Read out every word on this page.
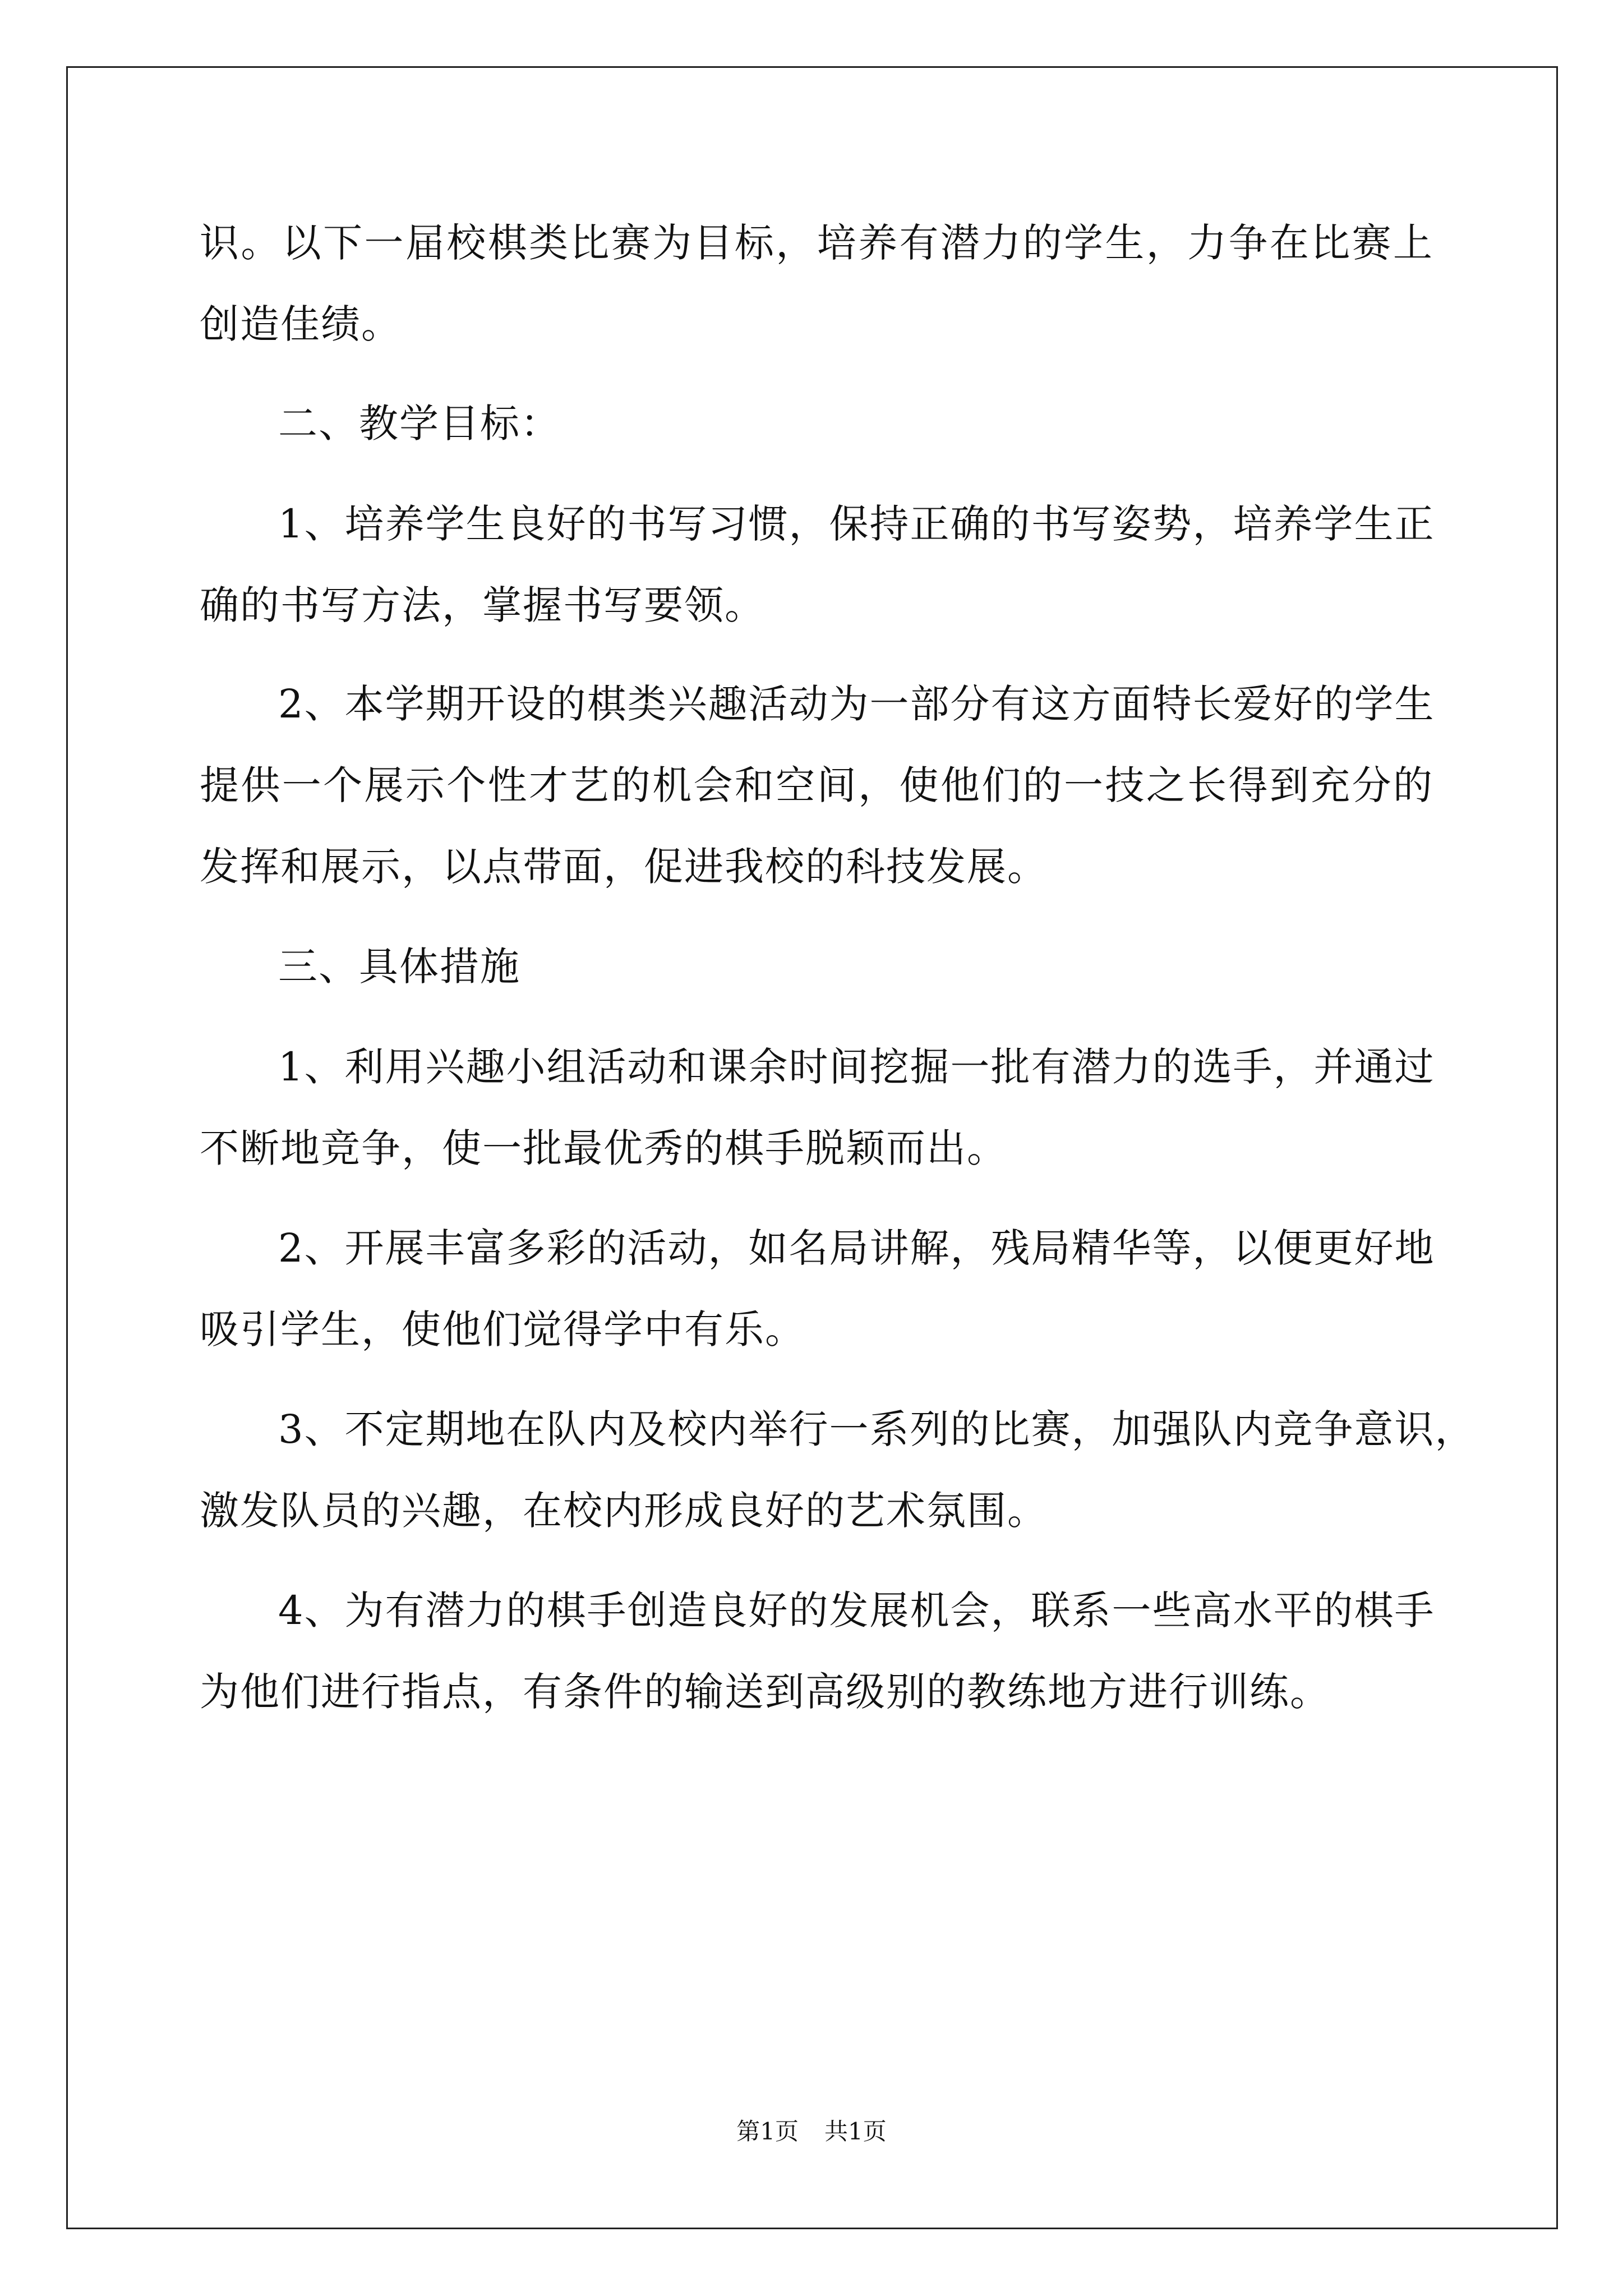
识。以下一届校棋类比赛为目标，培养有潜力的学生，力争在比赛上
创造佳绩。
二、教学目标：
1、培养学生良好的书写习惯，保持正确的书写姿势，培养学生正
确的书写方法，掌握书写要领。
2、本学期开设的棋类兴趣活动为一部分有这方面特长爱好的学生
提供一个展示个性才艺的机会和空间，使他们的一技之长得到充分的
发挥和展示，以点带面，促进我校的科技发展。
三、具体措施
1、利用兴趣小组活动和课余时间挖掘一批有潜力的选手，并通过
不断地竞争，使一批最优秀的棋手脱颖而出。
2、开展丰富多彩的活动，如名局讲解，残局精华等，以便更好地
吸引学生，使他们觉得学中有乐。
3、不定期地在队内及校内举行一系列的比赛，加强队内竞争意识，
激发队员的兴趣，在校内形成良好的艺术氛围。
4、为有潜力的棋手创造良好的发展机会，联系一些高水平的棋手
为他们进行指点，有条件的输送到高级别的教练地方进行训练。
第1页 共1页
